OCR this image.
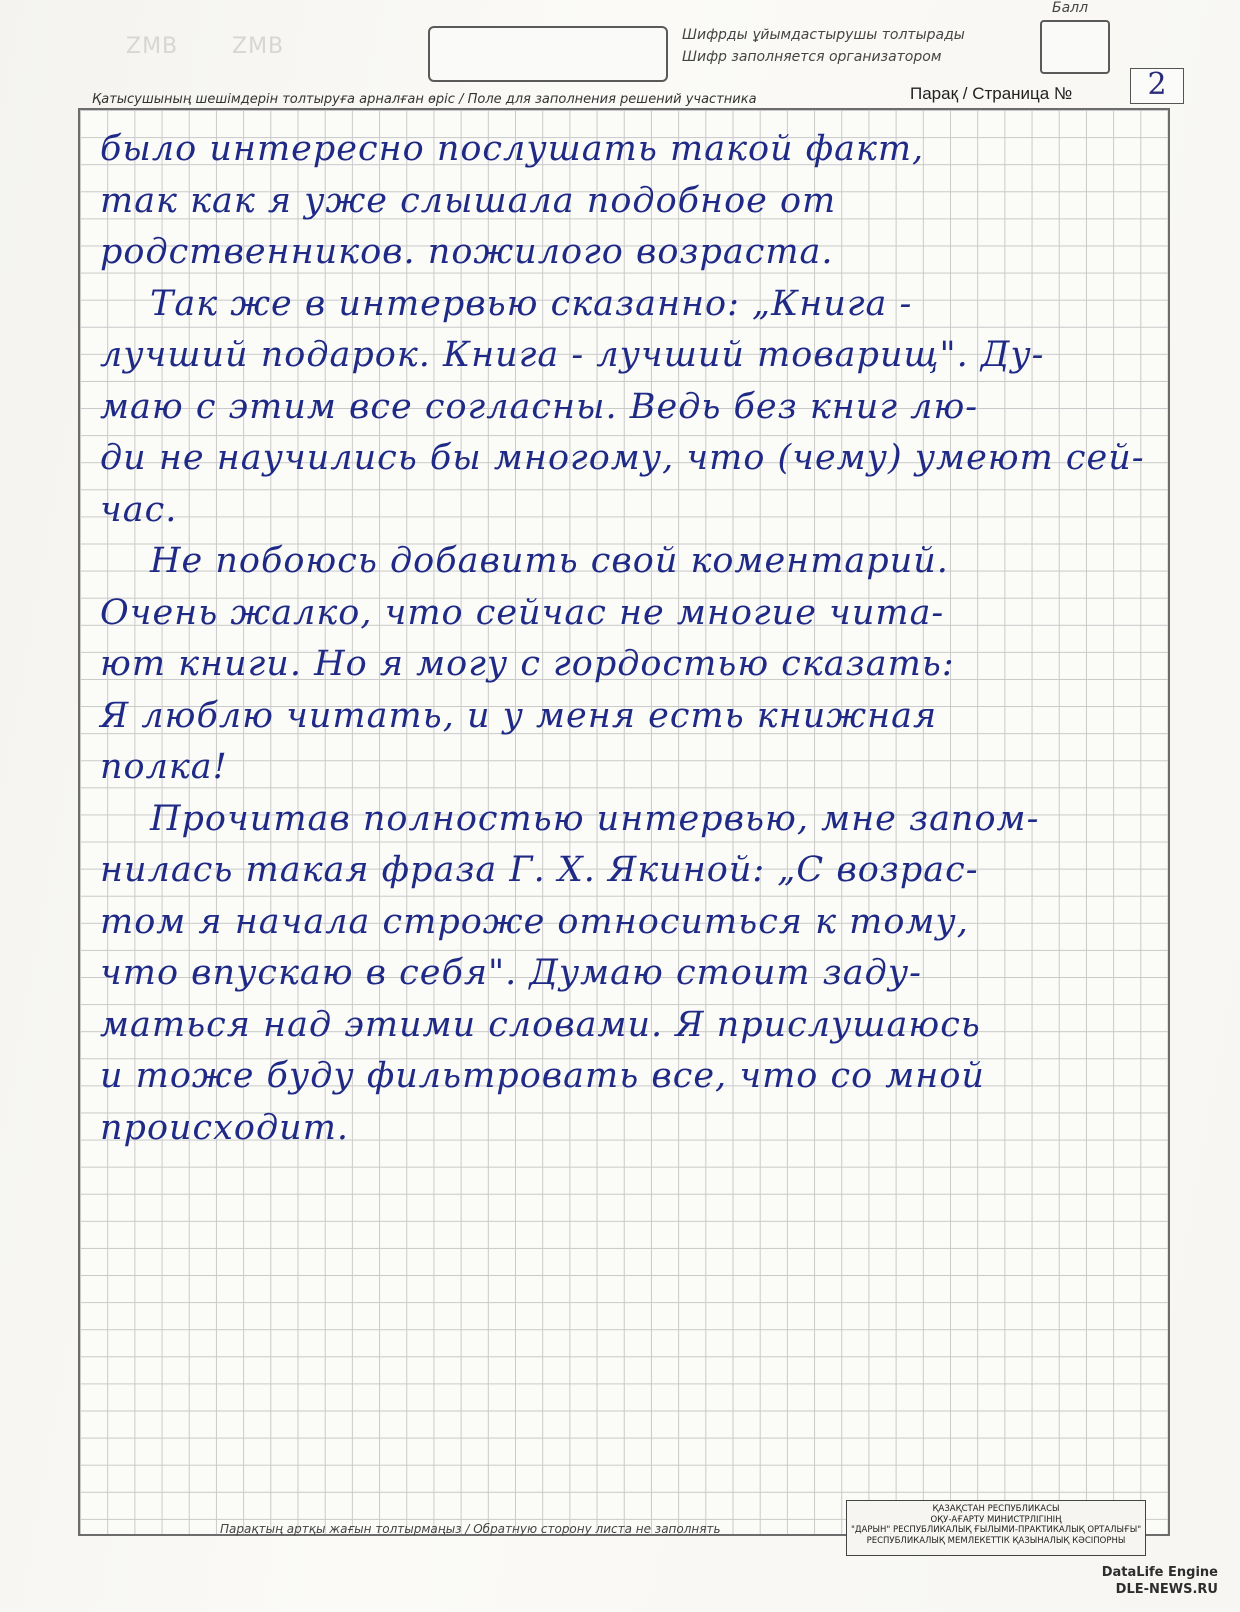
ZMB ZMB	Шифрды ұйымдастырушы толтырады
Шифр заполняется организатором
Балл
Қатысушының шешімдерін толтыруға арналған өріс / Поле для заполнения решений участника	Парақ / Страница №	2
было интересно послушать такой факт,
так как я уже слышала подобное от
родственников. пожилого возраста.
Так же в интервью сказанно: „Книга -
лучший подарок. Книга - лучший товарищ". Ду-
маю с этим все согласны. Ведь без книг лю-
ди не научились бы многому, что (чему) умеют сей-
час.
Не побоюсь добавить свой коментарий.
Очень жалко, что сейчас не многие чита-
ют книги. Но я могу с гордостью сказать:
Я люблю читать, и у меня есть книжная
полка!
Прочитав полностью интервью, мне запом-
нилась такая фраза Г. Х. Якиной: „С возрас-
том я начала строже относиться к тому,
что впускаю в себя". Думаю стоит заду-
маться над этими словами. Я прислушаюсь
и тоже буду фильтровать все, что со мной
происходит.
Парақтың артқы жағын толтырмаңыз / Обратную сторону листа не заполнять
ҚАЗАҚСТАН РЕСПУБЛИКАСЫ
ОҚУ-АҒАРТУ МИНИСТРЛІГІНІҢ
"ДАРЫН" РЕСПУБЛИКАЛЫҚ ҒЫЛЫМИ-ПРАКТИКАЛЫҚ ОРТАЛЫҒЫ"
РЕСПУБЛИКАЛЫҚ МЕМЛЕКЕТТІК ҚАЗЫНАЛЫҚ КӘСІПОРНЫ
DataLife Engine
DLE-NEWS.RU
